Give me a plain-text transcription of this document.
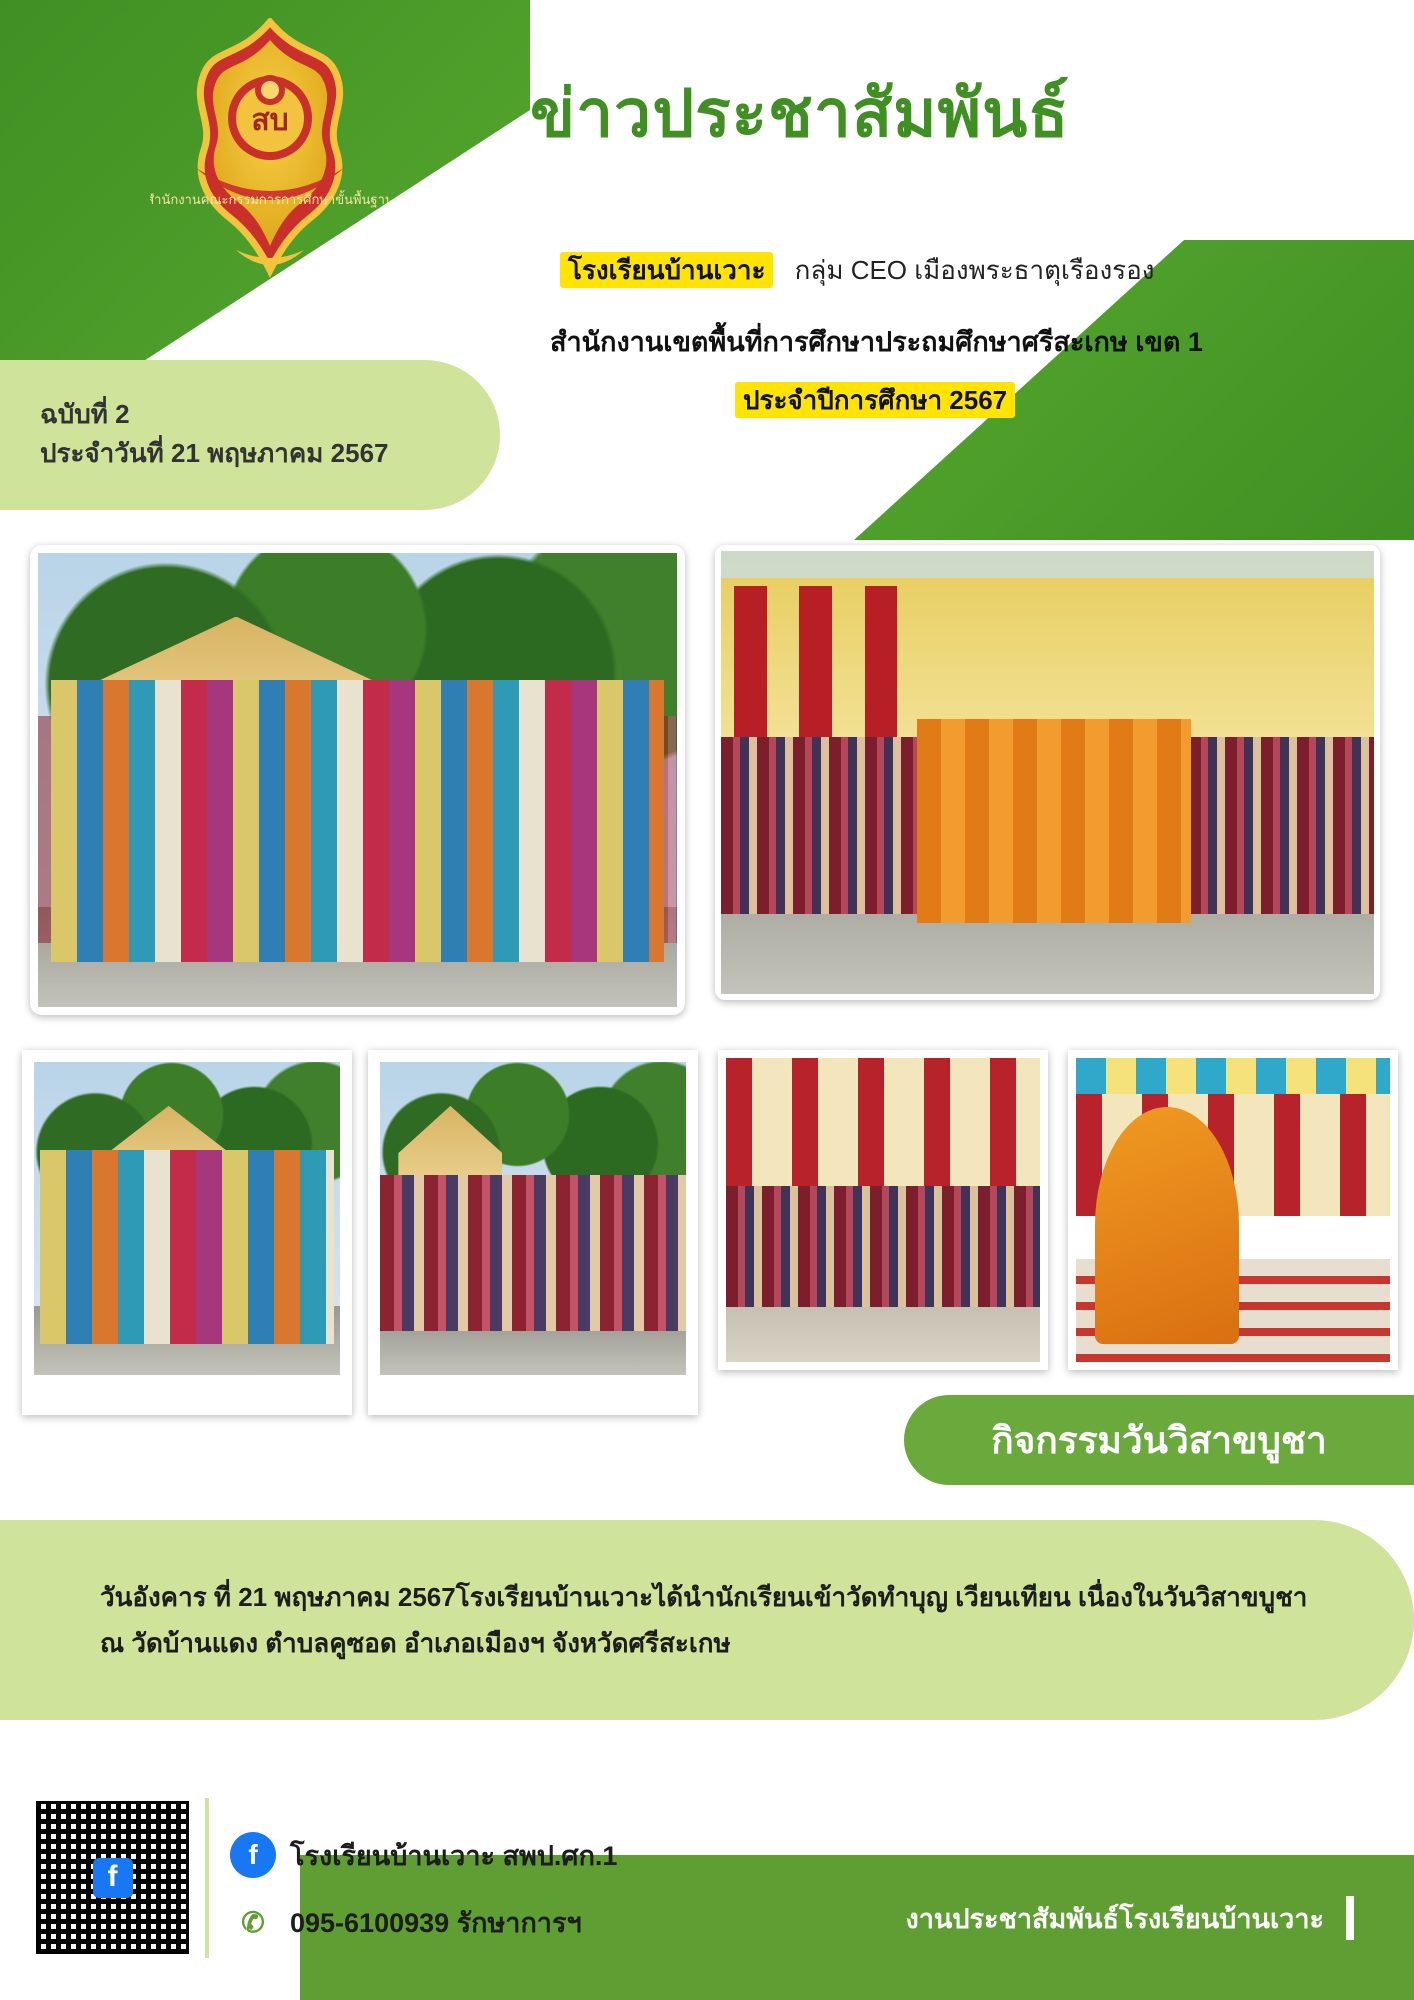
สบ
สำนักงานคณะกรรมการการศึกษาขั้นพื้นฐาน
ข่าวประชาสัมพันธ์
โรงเรียนบ้านเวาะ กลุ่ม CEO เมืองพระธาตุเรืองรอง
สำนักงานเขตพื้นที่การศึกษาประถมศึกษาศรีสะเกษ เขต 1
ประจำปีการศึกษา 2567
ฉบับที่ 2
ประจำวันที่ 21 พฤษภาคม 2567
กิจกรรมวันวิสาขบูชา
วันอังคาร ที่ 21 พฤษภาคม 2567โรงเรียนบ้านเวาะได้นำนักเรียนเข้าวัดทำบุญ เวียนเทียน เนื่องในวันวิสาขบูชา
ณ วัดบ้านแดง ตำบลคูซอด อำเภอเมืองฯ จังหวัดศรีสะเกษ
f
f	โรงเรียนบ้านเวาะ สพป.ศก.1
✆ 095-6100939 รักษาการฯ	งานประชาสัมพันธ์โรงเรียนบ้านเวาะ
